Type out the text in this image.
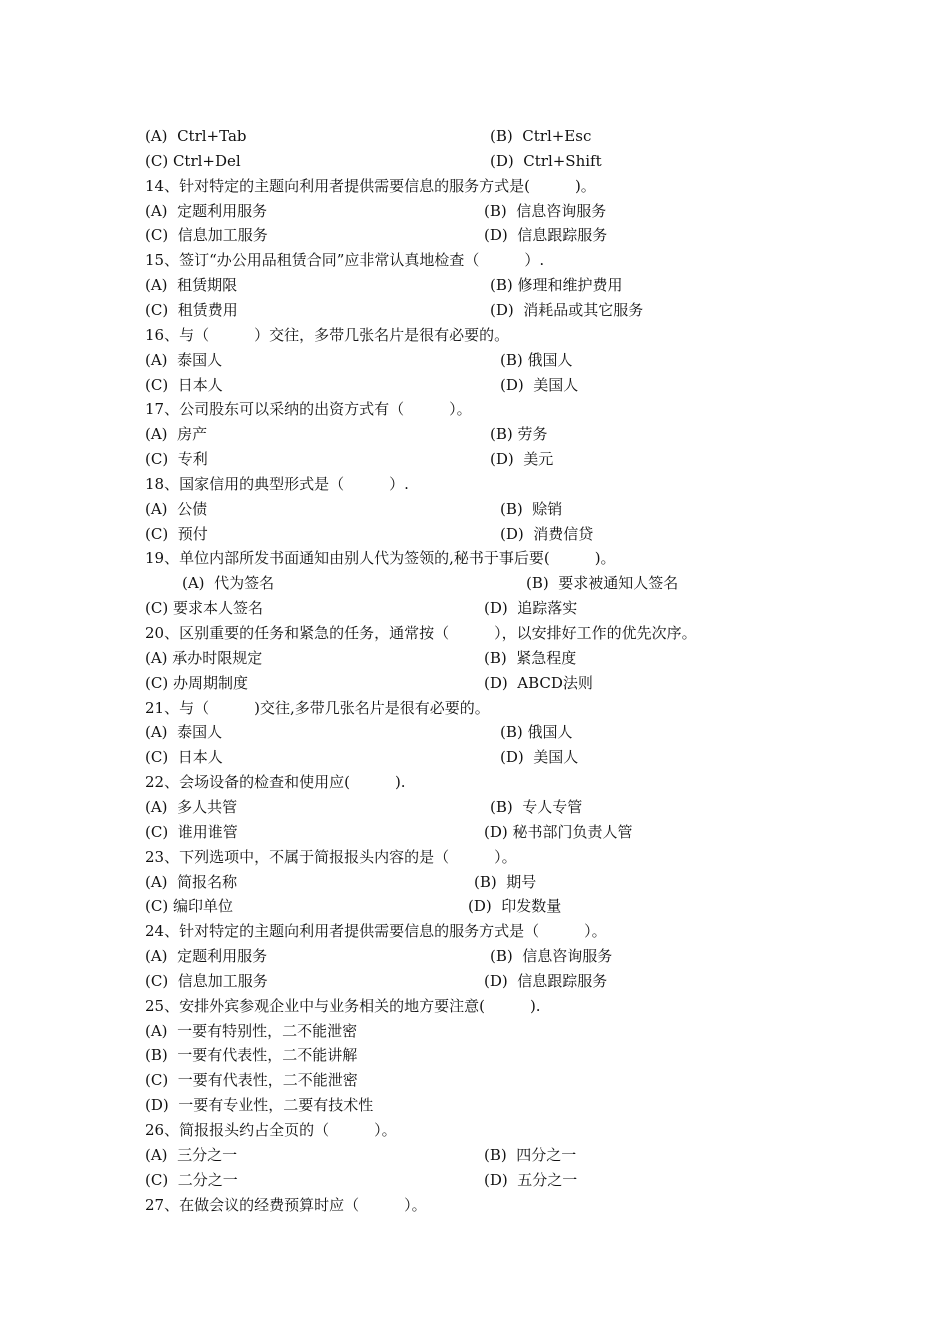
(A)  Ctrl+Tab	(B)  Ctrl+Esc
(C) Ctrl+Del	(D)  Ctrl+Shift
14、针对特定的主题向利用者提供需要信息的服务方式是(　　　)。
(A)  定题利用服务	(B)  信息咨询服务
(C)  信息加工服务	(D)  信息跟踪服务
15、签订“办公用品租赁合同”应非常认真地检查（　　　）.
(A)  租赁期限	(B) 修理和维护费用
(C)  租赁费用	(D)  消耗品或其它服务
16、与（　　　）交往，多带几张名片是很有必要的。
(A)  泰国人	(B) 俄国人
(C)  日本人	(D)  美国人
17、公司股东可以采纳的出资方式有（　　　）。
(A)  房产	(B) 劳务
(C)  专利	(D)  美元
18、国家信用的典型形式是（　　　）.
(A)  公债	(B)  赊销
(C)  预付	(D)  消费信贷
19、单位内部所发书面通知由别人代为签领的,秘书于事后要(　　　)。
(A)  代为签名	(B)  要求被通知人签名
(C) 要求本人签名	(D)  追踪落实
20、区别重要的任务和紧急的任务，通常按（　　　），以安排好工作的优先次序。
(A) 承办时限规定	(B)  紧急程度
(C) 办周期制度	(D)  ABCD法则
21、与（　　　)交往,多带几张名片是很有必要的。
(A)  泰国人	(B) 俄国人
(C)  日本人	(D)  美国人
22、会场设备的检查和使用应(　　　).
(A)  多人共管	(B)  专人专管
(C)  谁用谁管	(D) 秘书部门负责人管
23、下列选项中，不属于简报报头内容的是（　　　）。
(A)  简报名称	(B)  期号
(C) 编印单位	(D)  印发数量
24、针对特定的主题向利用者提供需要信息的服务方式是（　　　）。
(A)  定题利用服务	(B)  信息咨询服务
(C)  信息加工服务	(D)  信息跟踪服务
25、安排外宾参观企业中与业务相关的地方要注意(　　　).
(A)  一要有特别性，二不能泄密
(B)  一要有代表性，二不能讲解
(C)  一要有代表性，二不能泄密
(D)  一要有专业性，二要有技术性
26、简报报头约占全页的（　　　）。
(A)  三分之一	(B)  四分之一
(C)  二分之一	(D)  五分之一
27、在做会议的经费预算时应（　　　）。
